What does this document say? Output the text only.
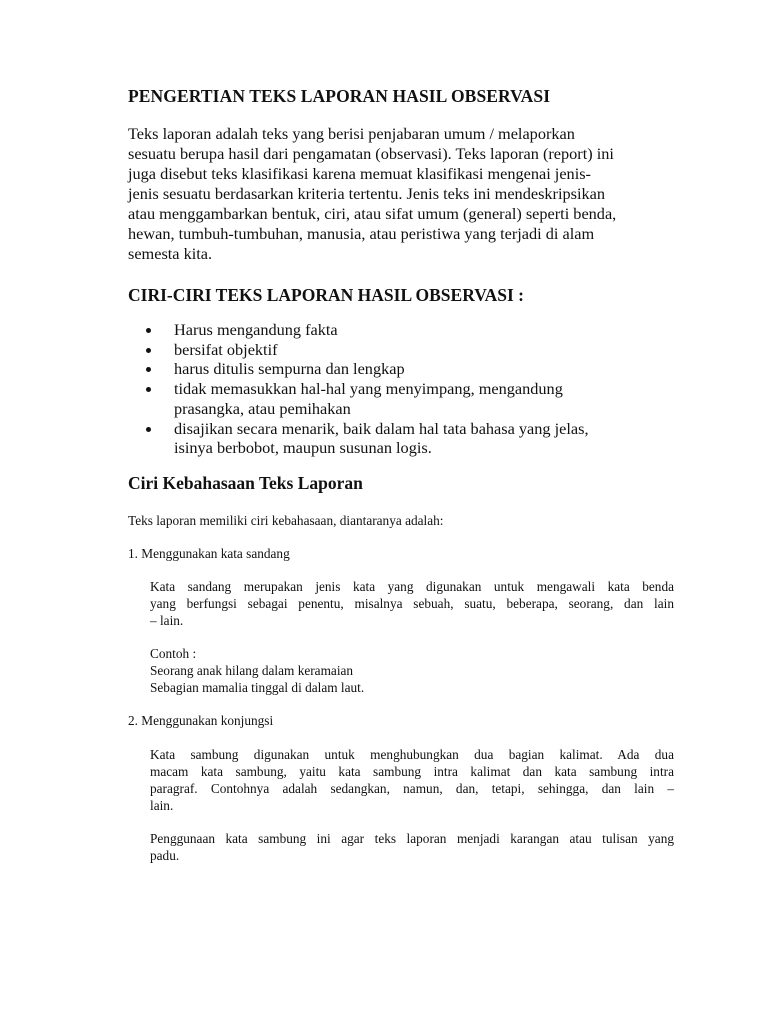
PENGERTIAN TEKS LAPORAN HASIL OBSERVASI
Teks laporan adalah teks yang berisi penjabaran umum / melaporkan
sesuatu berupa hasil dari pengamatan (observasi). Teks laporan (report) ini
juga disebut teks klasifikasi karena memuat klasifikasi mengenai jenis-
jenis sesuatu berdasarkan kriteria tertentu. Jenis teks ini mendeskripsikan
atau menggambarkan bentuk, ciri, atau sifat umum (general) seperti benda,
hewan, tumbuh-tumbuhan, manusia, atau peristiwa yang terjadi di alam
semesta kita.
CIRI-CIRI TEKS LAPORAN HASIL OBSERVASI :
Harus mengandung fakta
bersifat objektif
harus ditulis sempurna dan lengkap
tidak memasukkan hal-hal yang menyimpang, mengandung
prasangka, atau pemihakan
disajikan secara menarik, baik dalam hal tata bahasa yang jelas,
isinya berbobot, maupun susunan logis.
Ciri Kebahasaan Teks Laporan
Teks laporan memiliki ciri kebahasaan, diantaranya adalah:
1. Menggunakan kata sandang
Kata sandang merupakan jenis kata yang digunakan untuk mengawali kata benda
yang berfungsi sebagai penentu, misalnya sebuah, suatu, beberapa, seorang, dan lain
– lain.
Contoh :
Seorang anak hilang dalam keramaian
Sebagian mamalia tinggal di dalam laut.
2. Menggunakan konjungsi
Kata sambung digunakan untuk menghubungkan dua bagian kalimat. Ada dua
macam kata sambung, yaitu kata sambung intra kalimat dan kata sambung intra
paragraf. Contohnya adalah sedangkan, namun, dan, tetapi, sehingga, dan lain –
lain.
Penggunaan kata sambung ini agar teks laporan menjadi karangan atau tulisan yang
padu.
